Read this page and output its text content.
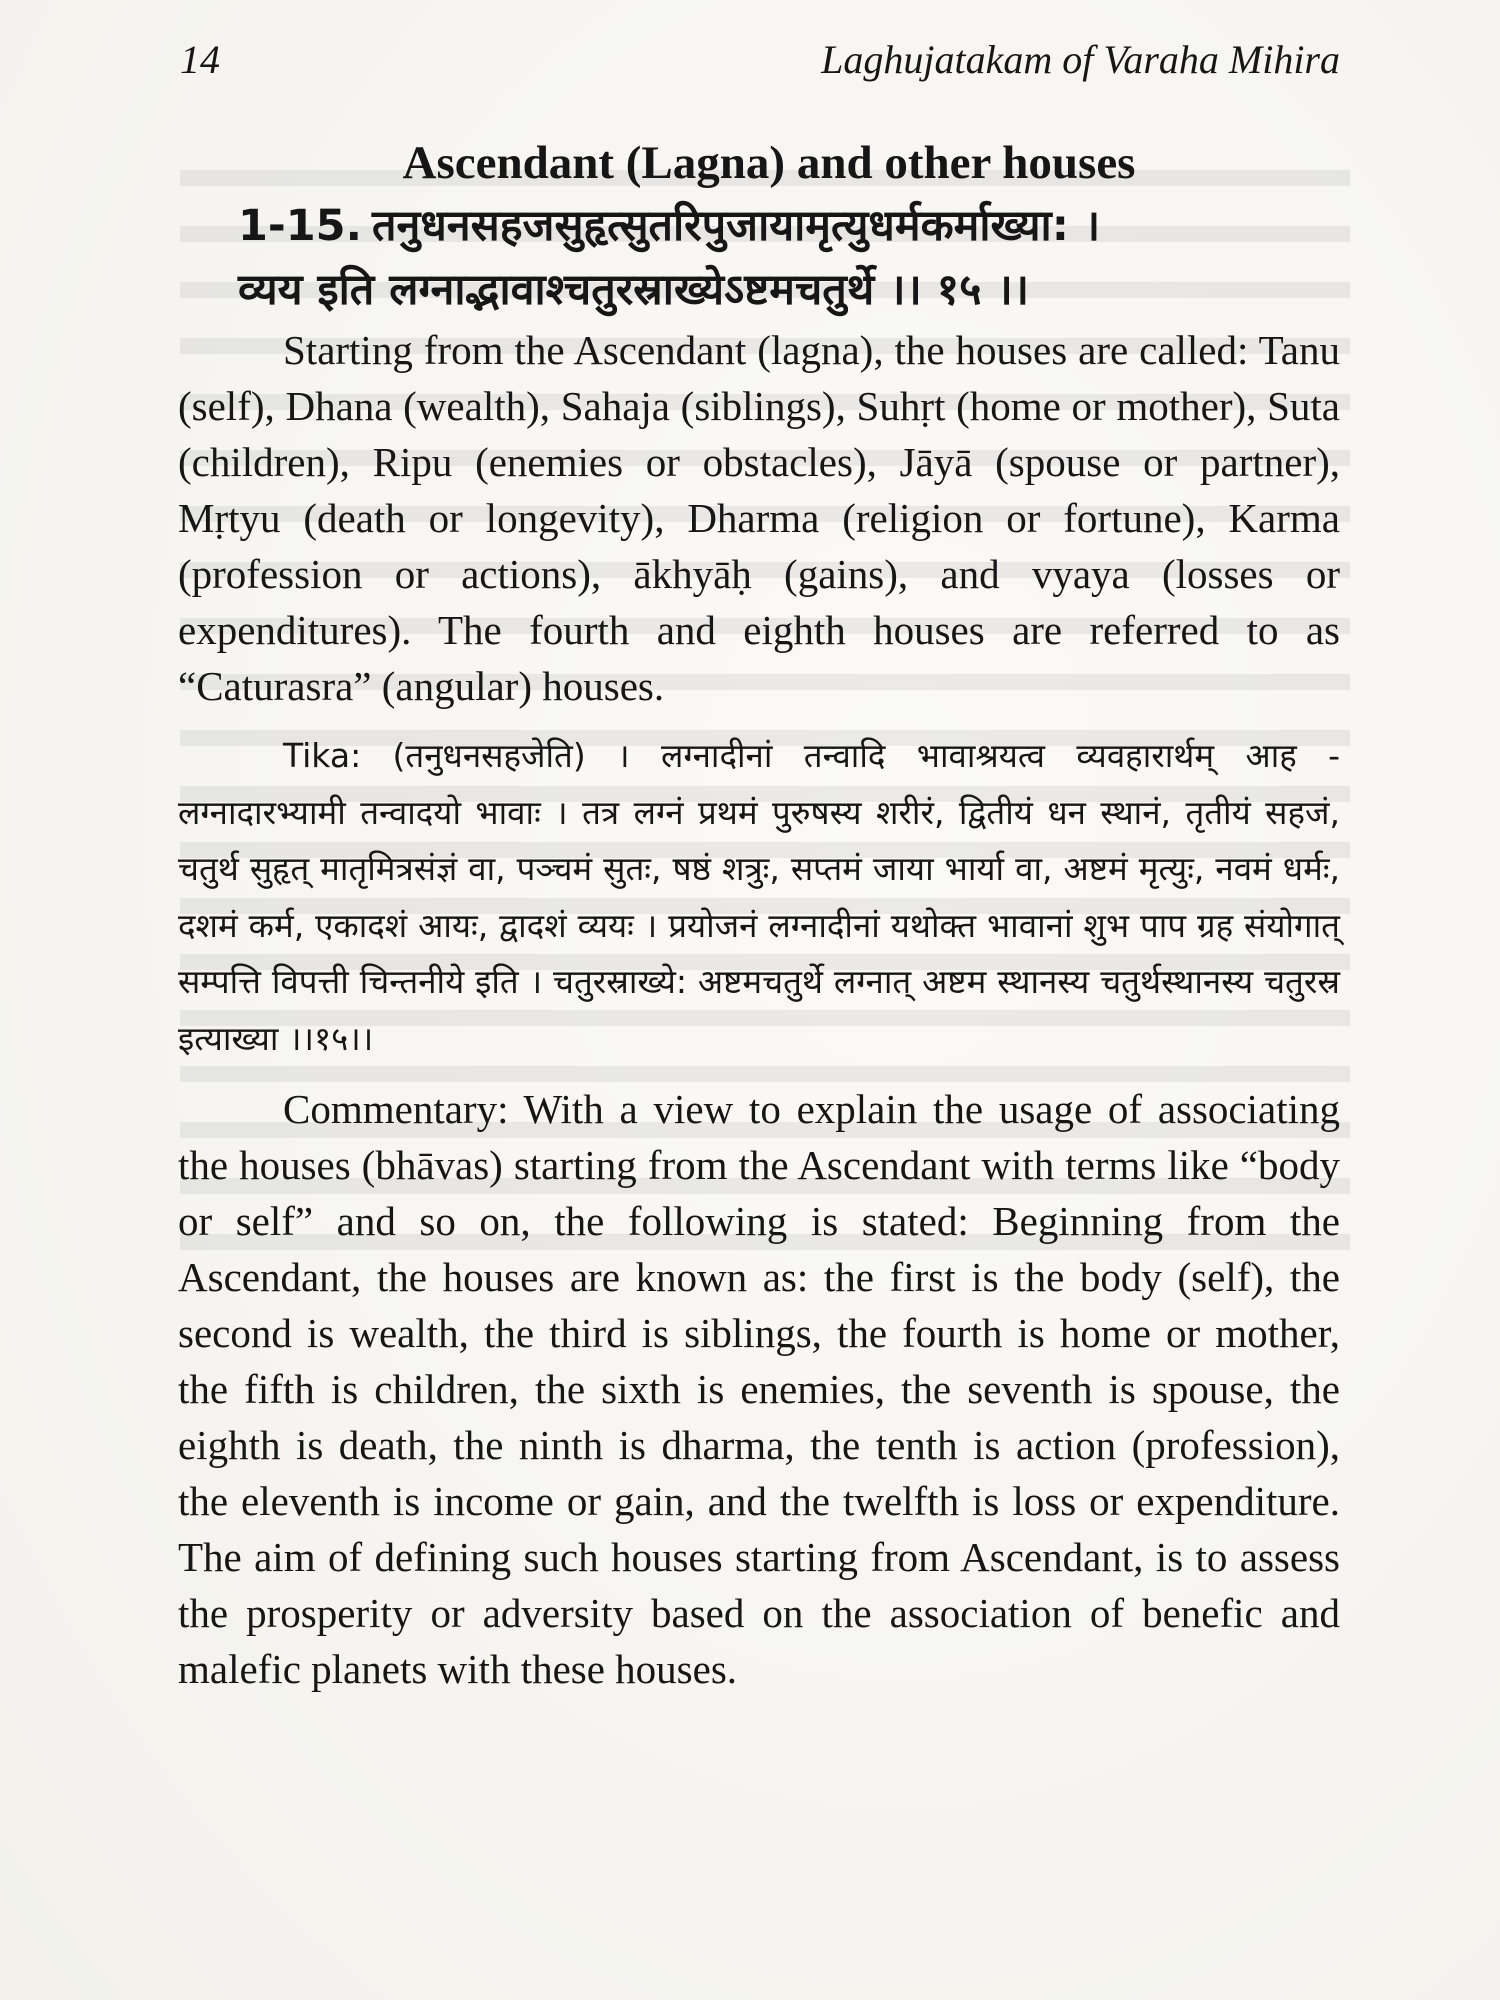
14	Laghujatakam of Varaha Mihira
Ascendant (Lagna) and other houses
1-15. तनुधनसहजसुहृत्सुतरिपुजायामृत्युधर्मकर्माख्या: ।
व्यय इति लग्नाद्भावाश्चतुरस्राख्येऽष्टमचतुर्थे ।। १५ ।।

Starting from the Ascendant (lagna), the houses are called: Tanu (self), Dhana (wealth), Sahaja (siblings), Suhṛt (home or mother), Suta (children), Ripu (enemies or obstacles), Jāyā (spouse or partner), Mṛtyu (death or longevity), Dharma (religion or fortune), Karma (profession or actions), ākhyāḥ (gains), and vyaya (losses or expenditures). The fourth and eighth houses are referred to as “Caturasra” (angular) houses.

Tika: (तनुधनसहजेति) । लग्नादीनां तन्वादि भावाश्रयत्व व्यवहारार्थम् आह - लग्नादारभ्यामी तन्वादयो भावाः । तत्र लग्नं प्रथमं पुरुषस्य शरीरं, द्वितीयं धन स्थानं, तृतीयं सहजं, चतुर्थ सुहृत् मातृमित्रसंज्ञं वा, पञ्चमं सुतः, षष्ठं शत्रुः, सप्तमं जाया भार्या वा, अष्टमं मृत्युः, नवमं धर्मः, दशमं कर्म, एकादशं आयः, द्वादशं व्ययः । प्रयोजनं लग्नादीनां यथोक्त भावानां शुभ पाप ग्रह संयोगात् सम्पत्ति विपत्ती चिन्तनीये इति । चतुरस्राख्ये: अष्टमचतुर्थे लग्नात् अष्टम स्थानस्य चतुर्थस्थानस्य चतुरस्र इत्याख्या ।।१५।।

Commentary: With a view to explain the usage of associating the houses (bhāvas) starting from the Ascendant with terms like “body or self” and so on, the following is stated: Beginning from the Ascendant, the houses are known as: the first is the body (self), the second is wealth, the third is siblings, the fourth is home or mother, the fifth is children, the sixth is enemies, the seventh is spouse, the eighth is death, the ninth is dharma, the tenth is action (profession), the eleventh is income or gain, and the twelfth is loss or expenditure. The aim of defining such houses starting from Ascendant, is to assess the prosperity or adversity based on the association of benefic and malefic planets with these houses.
